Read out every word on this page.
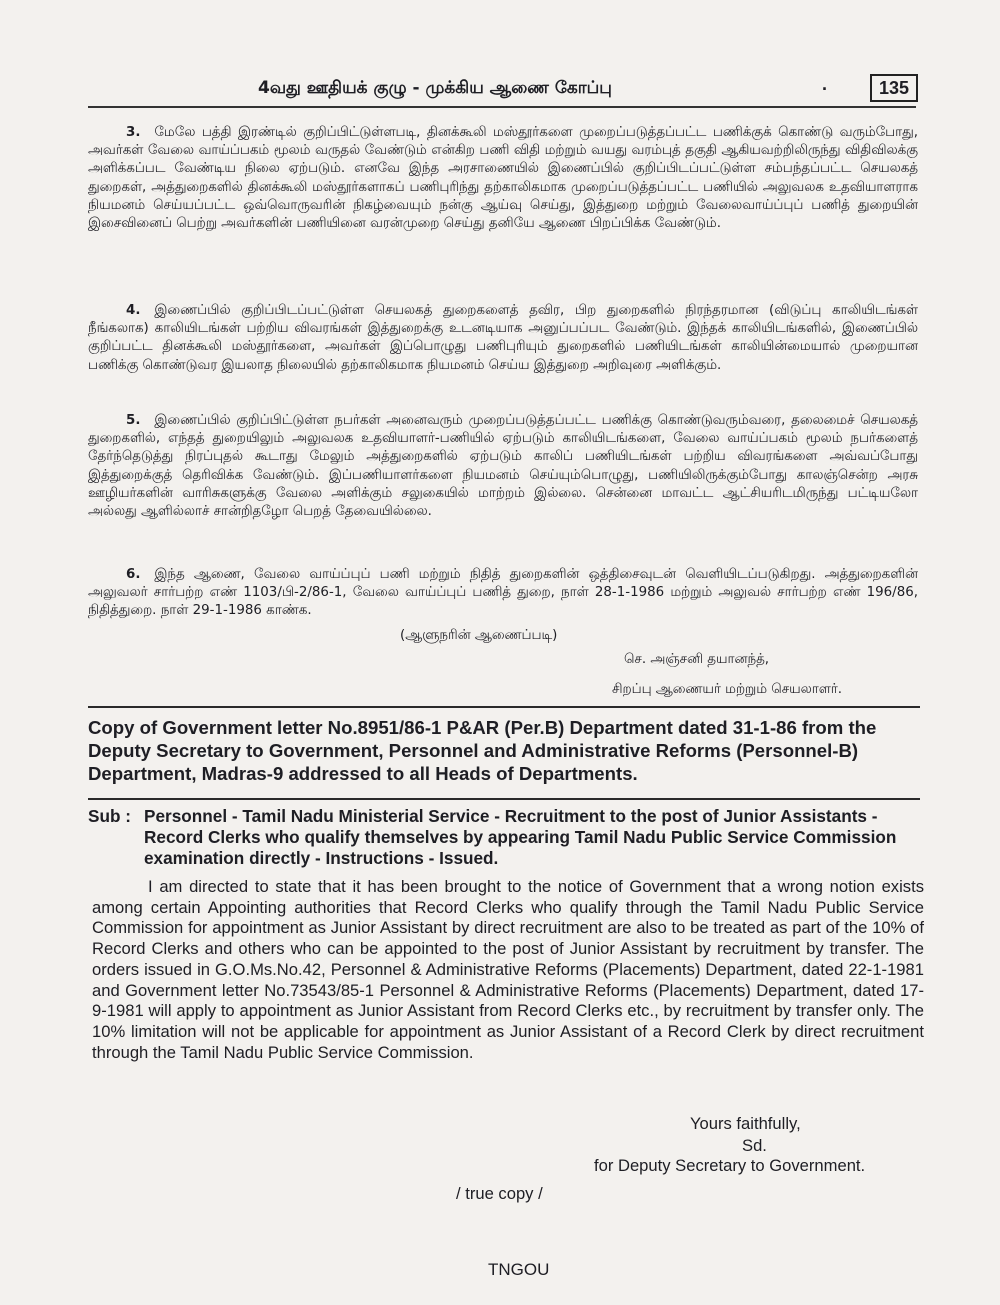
4வது ஊதியக் குழு - முக்கிய ஆணை கோப்பு	.	135
3. மேலே பத்தி இரண்டில் குறிப்பிட்டுள்ளபடி, தினக்கூலி மஸ்தூர்களை முறைப்படுத்தப்பட்ட பணிக்குக் கொண்டு வரும்போது, அவர்கள் வேலை வாய்ப்பகம் மூலம் வருதல் வேண்டும் என்கிற பணி விதி மற்றும் வயது வரம்புத் தகுதி ஆகியவற்றிலிருந்து விதிவிலக்கு அளிக்கப்பட வேண்டிய நிலை ஏற்படும். எனவே இந்த அரசாணையில் இணைப்பில் குறிப்பிடப்பட்டுள்ள சம்பந்தப்பட்ட செயலகத் துறைகள், அத்துறைகளில் தினக்கூலி மஸ்தூர்களாகப் பணிபுரிந்து தற்காலிகமாக முறைப்படுத்தப்பட்ட பணியில் அலுவலக உதவியாளராக நியமனம் செய்யப்பட்ட ஒவ்வொருவரின் நிகழ்வையும் நன்கு ஆய்வு செய்து, இத்துறை மற்றும் வேலைவாய்ப்புப் பணித் துறையின் இசைவினைப் பெற்று அவர்களின் பணியினை வரன்முறை செய்து தனியே ஆணை பிறப்பிக்க வேண்டும்.
4. இணைப்பில் குறிப்பிடப்பட்டுள்ள செயலகத் துறைகளைத் தவிர, பிற துறைகளில் நிரந்தரமான (விடுப்பு காலியிடங்கள் நீங்கலாக) காலியிடங்கள் பற்றிய விவரங்கள் இத்துறைக்கு உடனடியாக அனுப்பப்பட வேண்டும். இந்தக் காலியிடங்களில், இணைப்பில் குறிப்பட்ட தினக்கூலி மஸ்தூர்களை, அவர்கள் இப்பொழுது பணிபுரியும் துறைகளில் பணியிடங்கள் காலியின்மையால் முறையான பணிக்கு கொண்டுவர இயலாத நிலையில் தற்காலிகமாக நியமனம் செய்ய இத்துறை அறிவுரை அளிக்கும்.
5. இணைப்பில் குறிப்பிட்டுள்ள நபர்கள் அனைவரும் முறைப்படுத்தப்பட்ட பணிக்கு கொண்டுவரும்வரை, தலைமைச் செயலகத் துறைகளில், எந்தத் துறையிலும் அலுவலக உதவியாளர்-பணியில் ஏற்படும் காலியிடங்களை, வேலை வாய்ப்பகம் மூலம் நபர்களைத் தேர்ந்தெடுத்து நிரப்புதல் கூடாது மேலும் அத்துறைகளில் ஏற்படும் காலிப் பணியிடங்கள் பற்றிய விவரங்களை அவ்வப்போது இத்துறைக்குத் தெரிவிக்க வேண்டும். இப்பணியாளர்களை நியமனம் செய்யும்பொழுது, பணியிலிருக்கும்போது காலஞ்சென்ற அரசு ஊழியர்களின் வாரிசுகளுக்கு வேலை அளிக்கும் சலுகையில் மாற்றம் இல்லை. சென்னை மாவட்ட ஆட்சியரிடமிருந்து பட்டியலோ அல்லது ஆளில்லாச் சான்றிதழோ பெறத் தேவையில்லை.
6. இந்த ஆணை, வேலை வாய்ப்புப் பணி மற்றும் நிதித் துறைகளின் ஒத்திசைவுடன் வெளியிடப்படுகிறது. அத்துறைகளின் அலுவலர் சார்பற்ற எண் 1103/பி-2/86-1, வேலை வாய்ப்புப் பணித் துறை, நாள் 28-1-1986 மற்றும் அலுவல் சார்பற்ற எண் 196/86, நிதித்துறை. நாள் 29-1-1986 காண்க.
(ஆளுநரின் ஆணைப்படி)
செ. அஞ்சனி தயானந்த்,
சிறப்பு ஆணையர் மற்றும் செயலாளர்.
Copy of Government letter No.8951/86-1 P&AR (Per.B) Department dated 31-1-86 from the Deputy Secretary to Government, Personnel and Administrative Reforms (Personnel-B) Department, Madras-9 addressed to all Heads of Departments.
Sub : Personnel - Tamil Nadu Ministerial Service - Recruitment to the post of Junior Assistants - Record Clerks who qualify themselves by appearing Tamil Nadu Public Service Commission examination directly - Instructions - Issued.
I am directed to state that it has been brought to the notice of Government that a wrong notion exists among certain Appointing authorities that Record Clerks who qualify through the Tamil Nadu Public Service Commission for appointment as Junior Assistant by direct recruitment are also to be treated as part of the 10% of Record Clerks and others who can be appointed to the post of Junior Assistant by recruitment by transfer. The orders issued in G.O.Ms.No.42, Personnel & Administrative Reforms (Placements) Department, dated 22-1-1981 and Government letter No.73543/85-1 Personnel & Administrative Reforms (Placements) Department, dated 17-9-1981 will apply to appointment as Junior Assistant from Record Clerks etc., by recruitment by transfer only. The 10% limitation will not be applicable for appointment as Junior Assistant of a Record Clerk by direct recruitment through the Tamil Nadu Public Service Commission.
Yours faithfully,
Sd.
for Deputy Secretary to Government.
/ true copy /
TNGOU
